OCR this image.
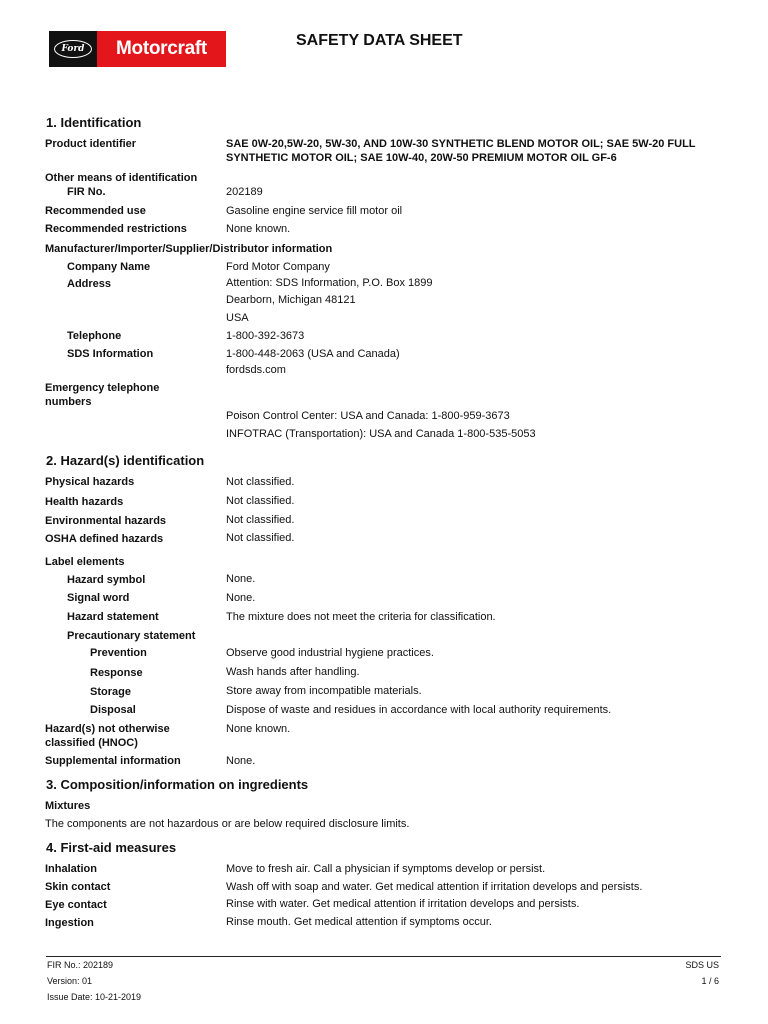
Ford	Motorcraft	SAFETY DATA SHEET
1. Identification
Product identifier	SAE 0W-20,5W-20, 5W-30, AND 10W-30 SYNTHETIC BLEND MOTOR OIL; SAE 5W-20 FULL
SYNTHETIC MOTOR OIL; SAE 10W-40, 20W-50 PREMIUM MOTOR OIL GF-6
Other means of identification
FIR No.	202189
Recommended use	Gasoline engine service fill motor oil
Recommended restrictions	None known.
Manufacturer/Importer/Supplier/Distributor information
Company Name	Ford Motor Company
Address	Attention: SDS Information, P.O. Box 1899
Dearborn, Michigan 48121
USA
Telephone	1-800-392-3673
SDS Information	1-800-448-2063 (USA and Canada)
fordsds.com
Emergency telephone
numbers
Poison Control Center: USA and Canada: 1-800-959-3673
INFOTRAC (Transportation): USA and Canada 1-800-535-5053
2. Hazard(s) identification
Physical hazards	Not classified.
Health hazards	Not classified.
Environmental hazards	Not classified.
OSHA defined hazards	Not classified.
Label elements
Hazard symbol	None.
Signal word	None.
Hazard statement	The mixture does not meet the criteria for classification.
Precautionary statement
Prevention	Observe good industrial hygiene practices.
Response	Wash hands after handling.
Storage	Store away from incompatible materials.
Disposal	Dispose of waste and residues in accordance with local authority requirements.
Hazard(s) not otherwise
classified (HNOC)
None known.
Supplemental information	None.
3. Composition/information on ingredients
Mixtures
The components are not hazardous or are below required disclosure limits.
4. First-aid measures
Inhalation	Move to fresh air. Call a physician if symptoms develop or persist.
Skin contact	Wash off with soap and water. Get medical attention if irritation develops and persists.
Eye contact	Rinse with water. Get medical attention if irritation develops and persists.
Ingestion	Rinse mouth. Get medical attention if symptoms occur.
FIR No.: 202189
Version: 01
Issue Date: 10-21-2019
SDS US
1 / 6
